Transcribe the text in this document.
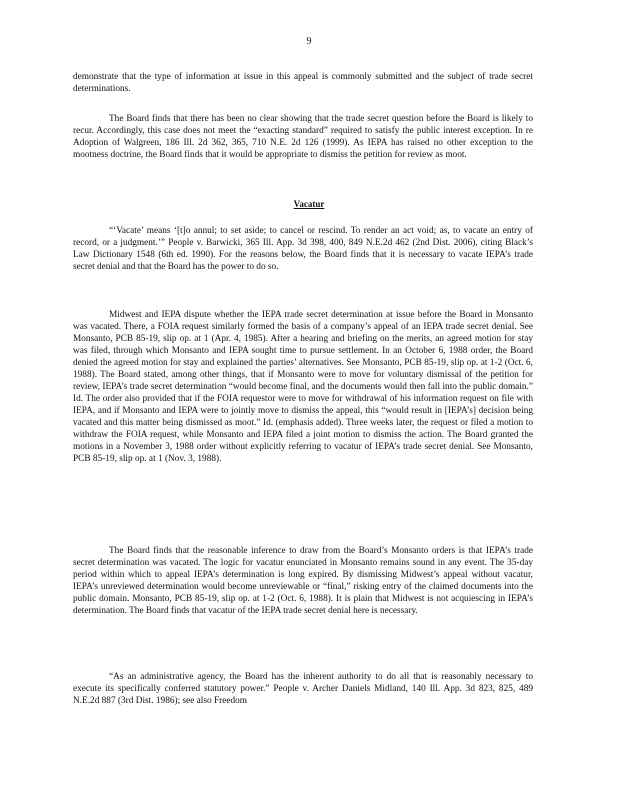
9

demonstrate that the type of information at issue in this appeal is commonly submitted and the subject of trade secret determinations.

The Board finds that there has been no clear showing that the trade secret question before the Board is likely to recur. Accordingly, this case does not meet the “exacting standard” required to satisfy the public interest exception. In re Adoption of Walgreen, 186 Ill. 2d 362, 365, 710 N.E. 2d 126 (1999). As IEPA has raised no other exception to the mootness doctrine, the Board finds that it would be appropriate to dismiss the petition for review as moot.

Vacatur

“‘Vacate’ means ‘[t]o annul; to set aside; to cancel or rescind. To render an act void; as, to vacate an entry of record, or a judgment.’” People v. Barwicki, 365 Ill. App. 3d 398, 400, 849 N.E.2d 462 (2nd Dist. 2006), citing Black’s Law Dictionary 1548 (6th ed. 1990). For the reasons below, the Board finds that it is necessary to vacate IEPA’s trade secret denial and that the Board has the power to do so.

Midwest and IEPA dispute whether the IEPA trade secret determination at issue before the Board in Monsanto was vacated. There, a FOIA request similarly formed the basis of a company’s appeal of an IEPA trade secret denial. See Monsanto, PCB 85-19, slip op. at 1 (Apr. 4, 1985). After a hearing and briefing on the merits, an agreed motion for stay was filed, through which Monsanto and IEPA sought time to pursue settlement. In an October 6, 1988 order, the Board denied the agreed motion for stay and explained the parties’ alternatives. See Monsanto, PCB 85-19, slip op. at 1-2 (Oct. 6, 1988). The Board stated, among other things, that if Monsanto were to move for voluntary dismissal of the petition for review, IEPA’s trade secret determination “would become final, and the documents would then fall into the public domain.” Id. The order also provided that if the FOIA requestor were to move for withdrawal of his information request on file with IEPA, and if Monsanto and IEPA were to jointly move to dismiss the appeal, this “would result in [IEPA’s] decision being vacated and this matter being dismissed as moot.” Id. (emphasis added). Three weeks later, the request or filed a motion to withdraw the FOIA request, while Monsanto and IEPA filed a joint motion to dismiss the action. The Board granted the motions in a November 3, 1988 order without explicitly referring to vacatur of IEPA’s trade secret denial. See Monsanto, PCB 85-19, slip op. at 1 (Nov. 3, 1988).

The Board finds that the reasonable inference to draw from the Board’s Monsanto orders is that IEPA’s trade secret determination was vacated. The logic for vacatur enunciated in Monsanto remains sound in any event. The 35-day period within which to appeal IEPA’s determination is long expired. By dismissing Midwest’s appeal without vacatur, IEPA’s unreviewed determination would become unreviewable or “final,” risking entry of the claimed documents into the public domain. Monsanto, PCB 85-19, slip op. at 1-2 (Oct. 6, 1988). It is plain that Midwest is not acquiescing in IEPA’s determination. The Board finds that vacatur of the IEPA trade secret denial here is necessary.

“As an administrative agency, the Board has the inherent authority to do all that is reasonably necessary to execute its specifically conferred statutory power.” People v. Archer Daniels Midland, 140 Ill. App. 3d 823, 825, 489 N.E.2d 887 (3rd Dist. 1986); see also Freedom
